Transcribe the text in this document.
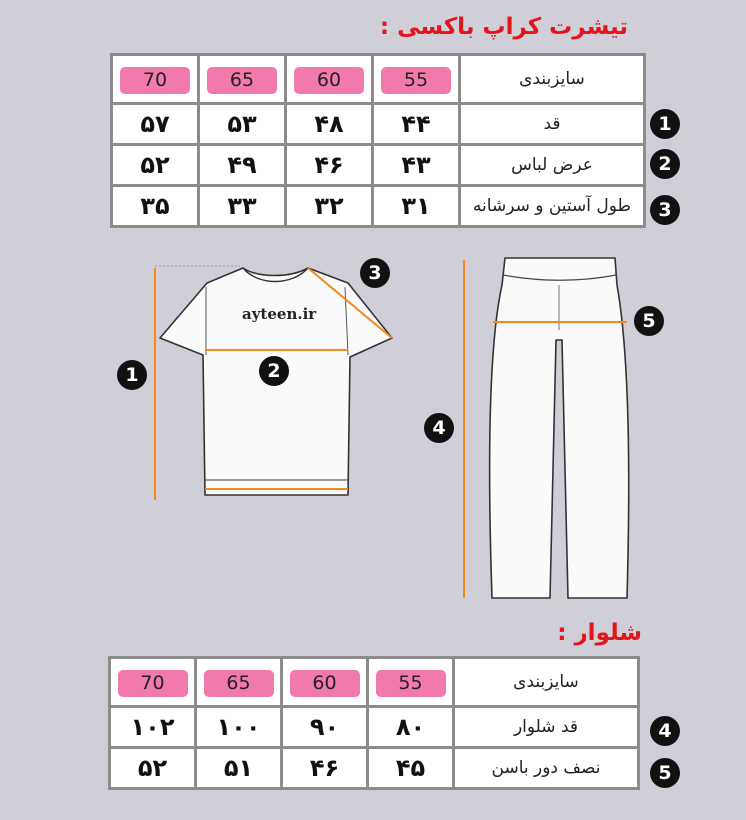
تیشرت کراپ باکسی :
70	65	60	55	سایزبندی
۵۷	۵۳	۴۸	۴۴	قد
۵۲	۴۹	۴۶	۴۳	عرض لباس
۳۵	۳۳	۳۲	۳۱	طول آستین و سرشانه
1
2
3
ayteen.ir
1	2
3
4
5
شلوار :
70	65	60	55	سایزبندی
۱۰۲	۱۰۰	۹۰	۸۰	قد شلوار
۵۲	۵۱	۴۶	۴۵	نصف دور باسن
4
5
